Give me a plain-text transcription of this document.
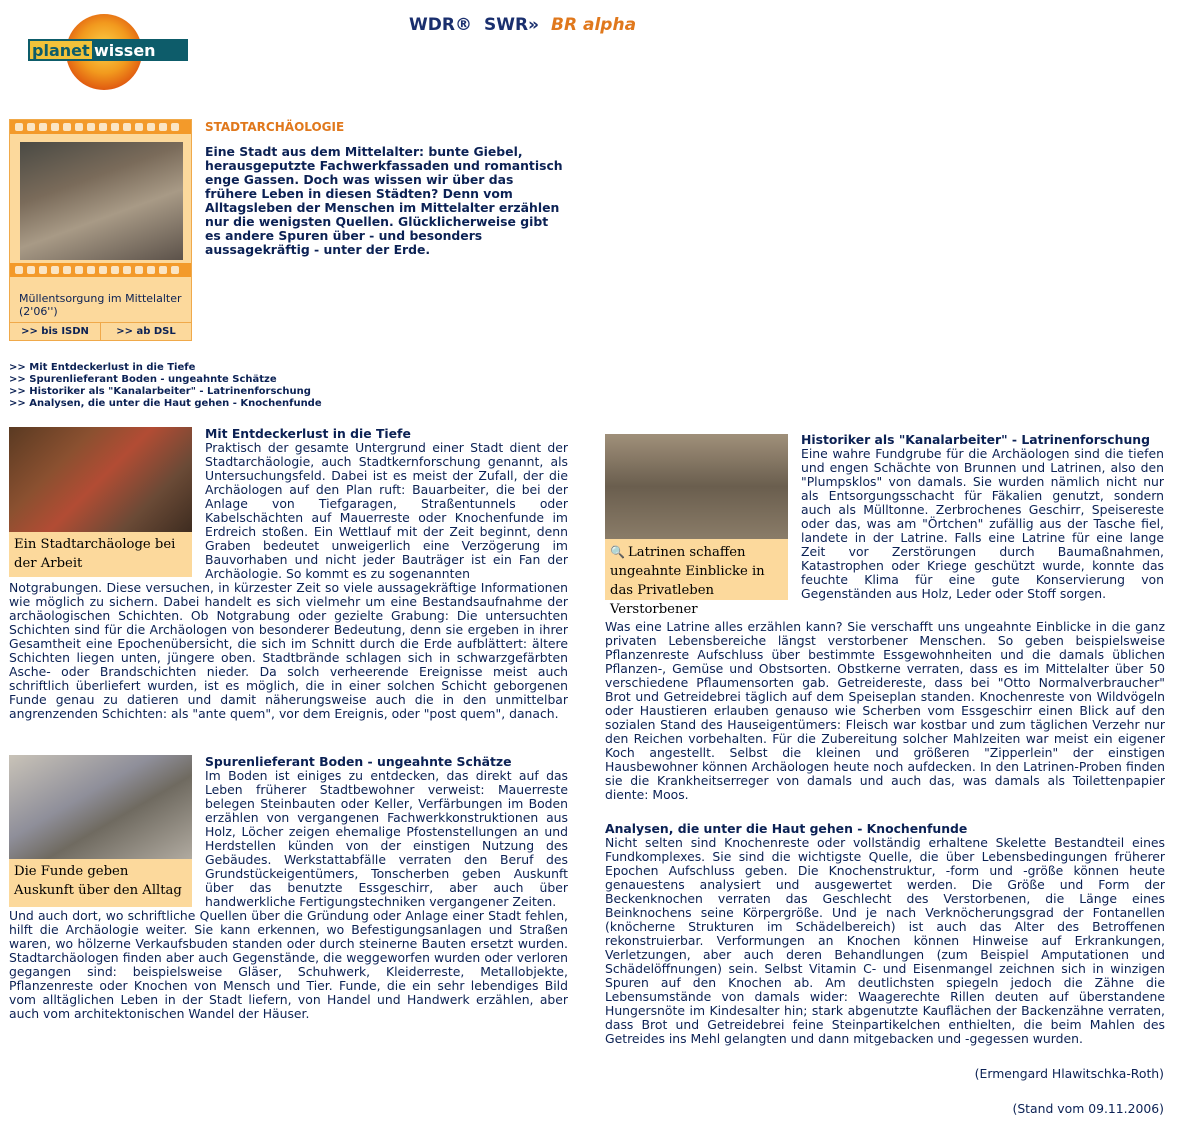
planet wissen
WDR® SWR» BR alpha
Müllentsorgung im Mittelalter (2'06'')
>> bis ISDN	>> ab DSL
STADTARCHÄOLOGIE
Eine Stadt aus dem Mittelalter: bunte Giebel, herausgeputzte Fachwerkfassaden und romantisch enge Gassen. Doch was wissen wir über das frühere Leben in diesen Städten? Denn vom Alltagsleben der Menschen im Mittelalter erzählen nur die wenigsten Quellen. Glücklicherweise gibt es andere Spuren über - und besonders aussagekräftig - unter der Erde.
>> Mit Entdeckerlust in die Tiefe
>> Spurenlieferant Boden - ungeahnte Schätze
>> Historiker als "Kanalarbeiter" - Latrinenforschung
>> Analysen, die unter die Haut gehen - Knochenfunde
Ein Stadtarchäologe bei der Arbeit
Mit Entdeckerlust in die Tiefe
Praktisch der gesamte Untergrund einer Stadt dient der Stadtarchäologie, auch Stadtkernforschung genannt, als Untersuchungsfeld. Dabei ist es meist der Zufall, der die Archäologen auf den Plan ruft: Bauarbeiter, die bei der Anlage von Tiefgaragen, Straßentunnels oder Kabelschächten auf Mauerreste oder Knochenfunde im Erdreich stoßen. Ein Wettlauf mit der Zeit beginnt, denn Graben bedeutet unweigerlich eine Verzögerung im Bauvorhaben und nicht jeder Bauträger ist ein Fan der Archäologie. So kommt es zu sogenannten
Notgrabungen. Diese versuchen, in kürzester Zeit so viele aussagekräftige Informationen wie möglich zu sichern. Dabei handelt es sich vielmehr um eine Bestandsaufnahme der archäologischen Schichten. Ob Notgrabung oder gezielte Grabung: Die untersuchten Schichten sind für die Archäologen von besonderer Bedeutung, denn sie ergeben in ihrer Gesamtheit eine Epochenübersicht, die sich im Schnitt durch die Erde aufblättert: ältere Schichten liegen unten, jüngere oben. Stadtbrände schlagen sich in schwarzgefärbten Asche- oder Brandschichten nieder. Da solch verheerende Ereignisse meist auch schriftlich überliefert wurden, ist es möglich, die in einer solchen Schicht geborgenen Funde genau zu datieren und damit näherungsweise auch die in den unmittelbar angrenzenden Schichten: als "ante quem", vor dem Ereignis, oder "post quem", danach.
Die Funde geben Auskunft über den Alltag
Spurenlieferant Boden - ungeahnte Schätze
Im Boden ist einiges zu entdecken, das direkt auf das Leben früherer Stadtbewohner verweist: Mauerreste belegen Steinbauten oder Keller, Verfärbungen im Boden erzählen von vergangenen Fachwerkkonstruktionen aus Holz, Löcher zeigen ehemalige Pfostenstellungen an und Herdstellen künden von der einstigen Nutzung des Gebäudes. Werkstattabfälle verraten den Beruf des Grundstückeigentümers, Tonscherben geben Auskunft über das benutzte Essgeschirr, aber auch über handwerkliche Fertigungstechniken vergangener Zeiten.
Und auch dort, wo schriftliche Quellen über die Gründung oder Anlage einer Stadt fehlen, hilft die Archäologie weiter. Sie kann erkennen, wo Befestigungsanlagen und Straßen waren, wo hölzerne Verkaufsbuden standen oder durch steinerne Bauten ersetzt wurden. Stadtarchäologen finden aber auch Gegenstände, die weggeworfen wurden oder verloren gegangen sind: beispielsweise Gläser, Schuhwerk, Kleiderreste, Metallobjekte, Pflanzenreste oder Knochen von Mensch und Tier. Funde, die ein sehr lebendiges Bild vom alltäglichen Leben in der Stadt liefern, von Handel und Handwerk erzählen, aber auch vom architektonischen Wandel der Häuser.
🔍 Latrinen schaffen ungeahnte Einblicke in das Privatleben Verstorbener
Historiker als "Kanalarbeiter" - Latrinenforschung
Eine wahre Fundgrube für die Archäologen sind die tiefen und engen Schächte von Brunnen und Latrinen, also den "Plumpsklos" von damals. Sie wurden nämlich nicht nur als Entsorgungsschacht für Fäkalien genutzt, sondern auch als Mülltonne. Zerbrochenes Geschirr, Speisereste oder das, was am "Örtchen" zufällig aus der Tasche fiel, landete in der Latrine. Falls eine Latrine für eine lange Zeit vor Zerstörungen durch Baumaßnahmen, Katastrophen oder Kriege geschützt wurde, konnte das feuchte Klima für eine gute Konservierung von Gegenständen aus Holz, Leder oder Stoff sorgen.
Was eine Latrine alles erzählen kann? Sie verschafft uns ungeahnte Einblicke in die ganz privaten Lebensbereiche längst verstorbener Menschen. So geben beispielsweise Pflanzenreste Aufschluss über bestimmte Essgewohnheiten und die damals üblichen Pflanzen-, Gemüse und Obstsorten. Obstkerne verraten, dass es im Mittelalter über 50 verschiedene Pflaumensorten gab. Getreidereste, dass bei "Otto Normalverbraucher" Brot und Getreidebrei täglich auf dem Speiseplan standen. Knochenreste von Wildvögeln oder Haustieren erlauben genauso wie Scherben vom Essgeschirr einen Blick auf den sozialen Stand des Hauseigentümers: Fleisch war kostbar und zum täglichen Verzehr nur den Reichen vorbehalten. Für die Zubereitung solcher Mahlzeiten war meist ein eigener Koch angestellt. Selbst die kleinen und größeren "Zipperlein" der einstigen Hausbewohner können Archäologen heute noch aufdecken. In den Latrinen-Proben finden sie die Krankheitserreger von damals und auch das, was damals als Toilettenpapier diente: Moos.
Analysen, die unter die Haut gehen - Knochenfunde
Nicht selten sind Knochenreste oder vollständig erhaltene Skelette Bestandteil eines Fundkomplexes. Sie sind die wichtigste Quelle, die über Lebensbedingungen früherer Epochen Aufschluss geben. Die Knochenstruktur, -form und -größe können heute genauestens analysiert und ausgewertet werden. Die Größe und Form der Beckenknochen verraten das Geschlecht des Verstorbenen, die Länge eines Beinknochens seine Körpergröße. Und je nach Verknöcherungsgrad der Fontanellen (knöcherne Strukturen im Schädelbereich) ist auch das Alter des Betroffenen rekonstruierbar. Verformungen an Knochen können Hinweise auf Erkrankungen, Verletzungen, aber auch deren Behandlungen (zum Beispiel Amputationen und Schädelöffnungen) sein. Selbst Vitamin C- und Eisenmangel zeichnen sich in winzigen Spuren auf den Knochen ab. Am deutlichsten spiegeln jedoch die Zähne die Lebensumstände von damals wider: Waagerechte Rillen deuten auf überstandene Hungersnöte im Kindesalter hin; stark abgenutzte Kauflächen der Backenzähne verraten, dass Brot und Getreidebrei feine Steinpartikelchen enthielten, die beim Mahlen des Getreides ins Mehl gelangten und dann mitgebacken und -gegessen wurden.
(Ermengard Hlawitschka-Roth)
(Stand vom 09.11.2006)
